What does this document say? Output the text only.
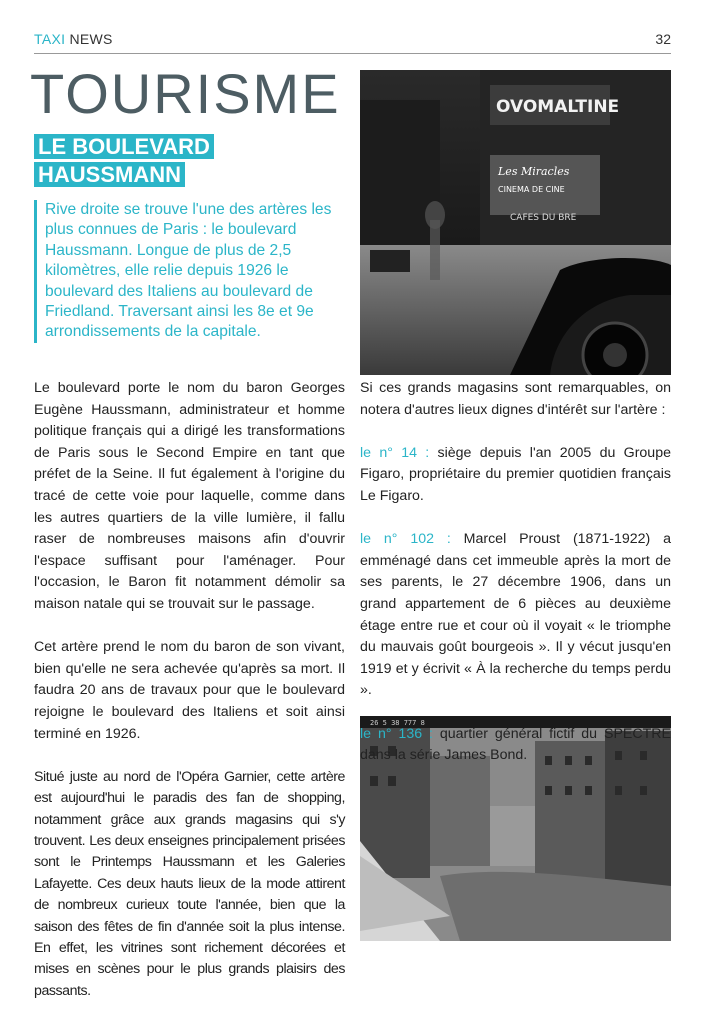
TAXI NEWS	32
TOURISME
LE BOULEVARD HAUSSMANN
Rive droite se trouve l'une des artères les plus connues de Paris : le boulevard Haussmann. Longue de plus de 2,5 kilomètres, elle relie depuis 1926 le boulevard des Italiens au boulevard de Friedland. Traversant ainsi les 8e et 9e arrondissements de la capitale.
OVOMALTINE
Les Miracles
CINEMA DE CINE
CAFES DU BRE
26 5 38 777 8

Le boulevard porte le nom du baron Georges Eugène Haussmann, administrateur et homme politique français qui a dirigé les transformations de Paris sous le Second Empire en tant que préfet de la Seine. Il fut également à l'origine du tracé de cette voie pour laquelle, comme dans les autres quartiers de la ville lumière, il fallu raser de nombreuses maisons afin d'ouvrir l'espace suffisant pour l'aménager. Pour l'occasion, le Baron fit notamment démolir sa maison natale qui se trouvait sur le passage.

Cet artère prend le nom du baron de son vivant, bien qu'elle ne sera achevée qu'après sa mort. Il faudra 20 ans de travaux pour que le boulevard rejoigne le boulevard des Italiens et soit ainsi terminé en 1926.

Situé juste au nord de l'Opéra Garnier, cette artère est aujourd'hui le paradis des fan de shopping, notamment grâce aux grands magasins qui s'y trouvent. Les deux enseignes principalement prisées sont le Printemps Haussmann et les Galeries Lafayette. Ces deux hauts lieux de la mode attirent de nombreux curieux toute l'année, bien que la saison des fêtes de fin d'année soit la plus intense. En effet, les vitrines sont richement décorées et mises en scènes pour le plus grands plaisirs des passants.

Si ces grands magasins sont remarquables, on notera d'autres lieux dignes d'intérêt sur l'artère :

le n° 14 : siège depuis l'an 2005 du Groupe Figaro, propriétaire du premier quotidien français Le Figaro.

le n° 102 : Marcel Proust (1871-1922) a emménagé dans cet immeuble après la mort de ses parents, le 27 décembre 1906, dans un grand appartement de 6 pièces au deuxième étage entre rue et cour où il voyait « le triomphe du mauvais goût bourgeois ». Il y vécut jusqu'en 1919 et y écrivit « À la recherche du temps perdu ».

le n° 136 : quartier général fictif du SPECTRE dans la série James Bond.
